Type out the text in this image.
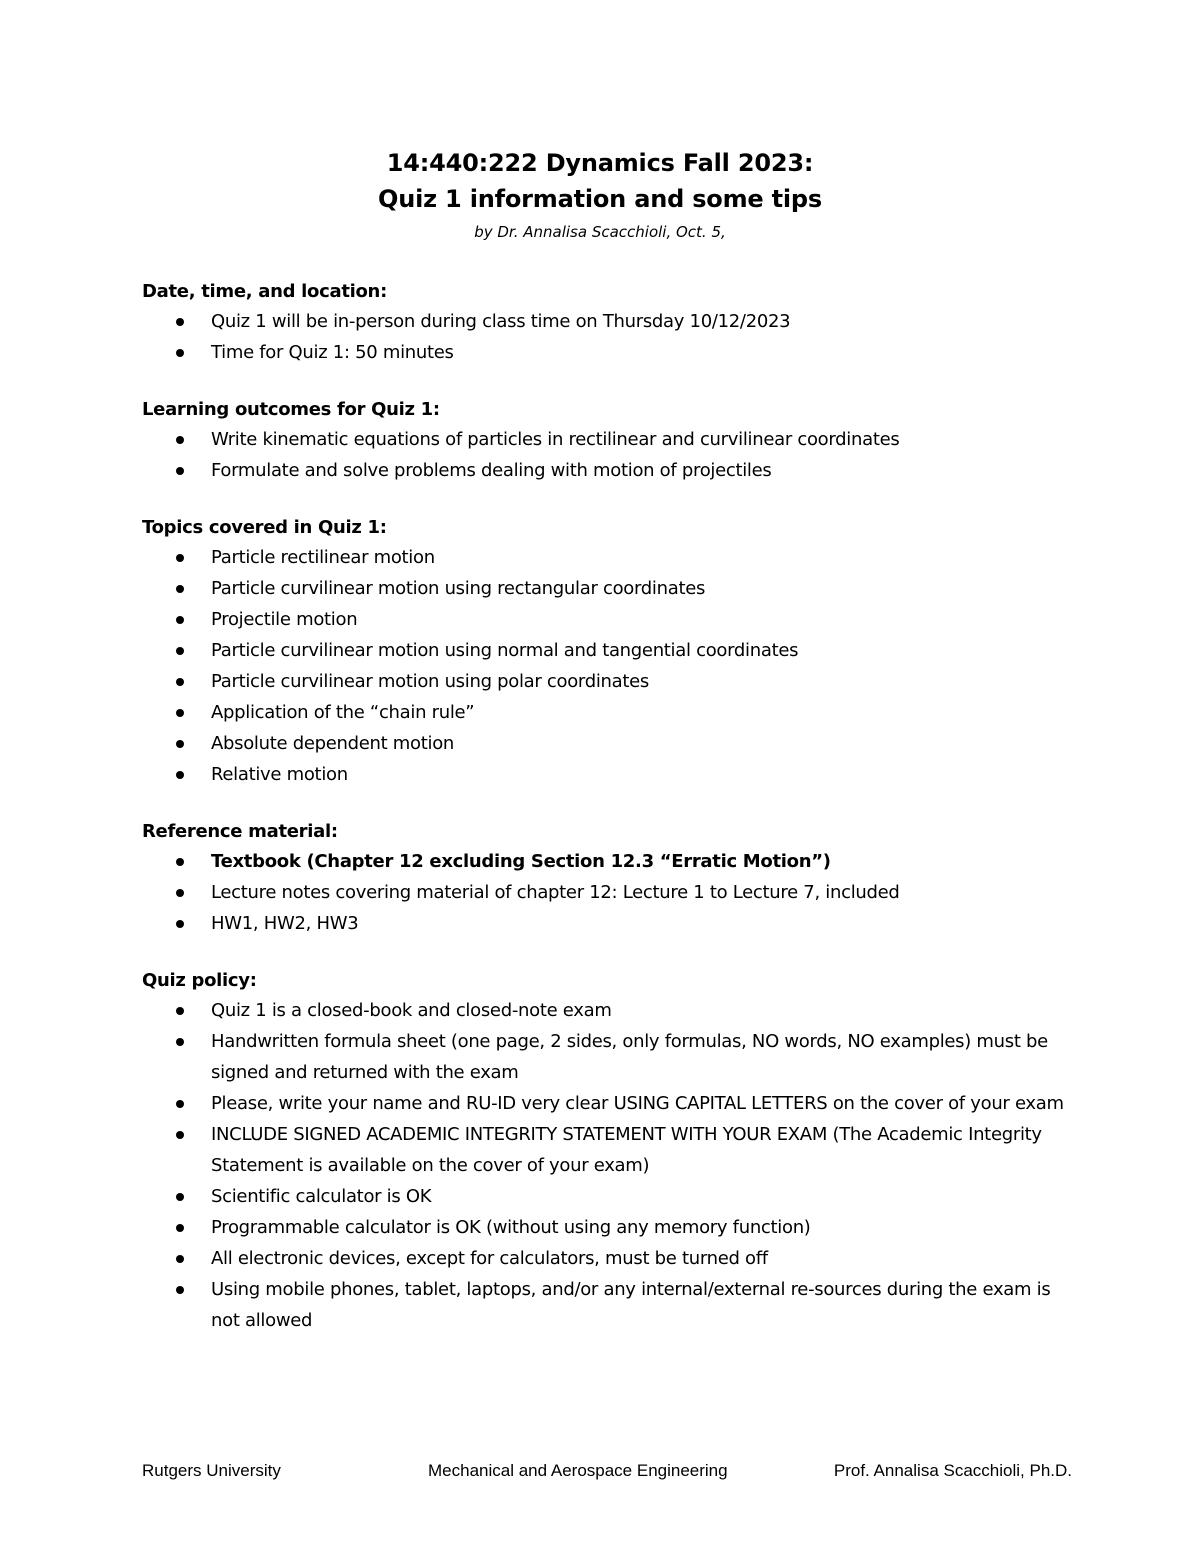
14:440:222 Dynamics Fall 2023:
Quiz 1 information and some tips
by Dr. Annalisa Scacchioli, Oct. 5,
Date, time, and location:
Quiz 1 will be in-person during class time on Thursday 10/12/2023
Time for Quiz 1: 50 minutes
Learning outcomes for Quiz 1:
Write kinematic equations of particles in rectilinear and curvilinear coordinates
Formulate and solve problems dealing with motion of projectiles
Topics covered in Quiz 1:
Particle rectilinear motion
Particle curvilinear motion using rectangular coordinates
Projectile motion
Particle curvilinear motion using normal and tangential coordinates
Particle curvilinear motion using polar coordinates
Application of the “chain rule”
Absolute dependent motion
Relative motion
Reference material:
Textbook (Chapter 12 excluding Section 12.3 “Erratic Motion”)
Lecture notes covering material of chapter 12: Lecture 1 to Lecture 7, included
HW1, HW2, HW3
Quiz policy:
Quiz 1 is a closed-book and closed-note exam
Handwritten formula sheet (one page, 2 sides, only formulas, NO words, NO examples) must be signed and returned with the exam
Please, write your name and RU-ID very clear USING CAPITAL LETTERS on the cover of your exam
INCLUDE SIGNED ACADEMIC INTEGRITY STATEMENT WITH YOUR EXAM (The Academic Integrity Statement is available on the cover of your exam)
Scientific calculator is OK
Programmable calculator is OK (without using any memory function)
All electronic devices, except for calculators, must be turned off
Using mobile phones, tablet, laptops, and/or any internal/external re-sources during the exam is not allowed
Rutgers University	Mechanical and Aerospace Engineering	Prof. Annalisa Scacchioli, Ph.D.
